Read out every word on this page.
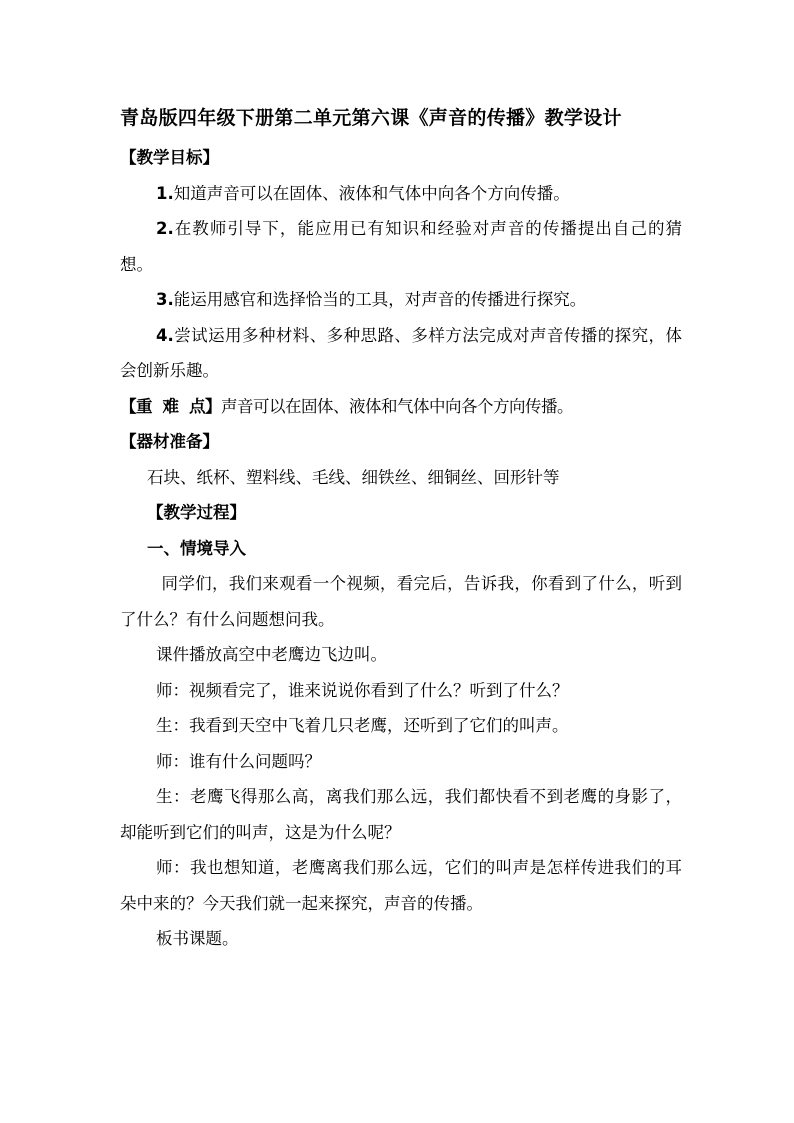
青岛版四年级下册第二单元第六课《声音的传播》教学设计
【教学目标】

1.知道声音可以在固体、液体和气体中向各个方向传播。

2.在教师引导下，能应用已有知识和经验对声音的传播提出自己的猜想。

3.能运用感官和选择恰当的工具，对声音的传播进行探究。

4.尝试运用多种材料、多种思路、多样方法完成对声音传播的探究，体会创新乐趣。

【重  难  点】声音可以在固体、液体和气体中向各个方向传播。

【器材准备】

石块、纸杯、塑料线、毛线、细铁丝、细铜丝、回形针等

【教学过程】
一、情境导入

同学们，我们来观看一个视频，看完后，告诉我，你看到了什么，听到了什么？有什么问题想问我。

课件播放高空中老鹰边飞边叫。

师：视频看完了，谁来说说你看到了什么？听到了什么？

生：我看到天空中飞着几只老鹰，还听到了它们的叫声。

师：谁有什么问题吗？

生：老鹰飞得那么高，离我们那么远，我们都快看不到老鹰的身影了，却能听到它们的叫声，这是为什么呢？

师：我也想知道，老鹰离我们那么远，它们的叫声是怎样传进我们的耳朵中来的？今天我们就一起来探究，声音的传播。

板书课题。
